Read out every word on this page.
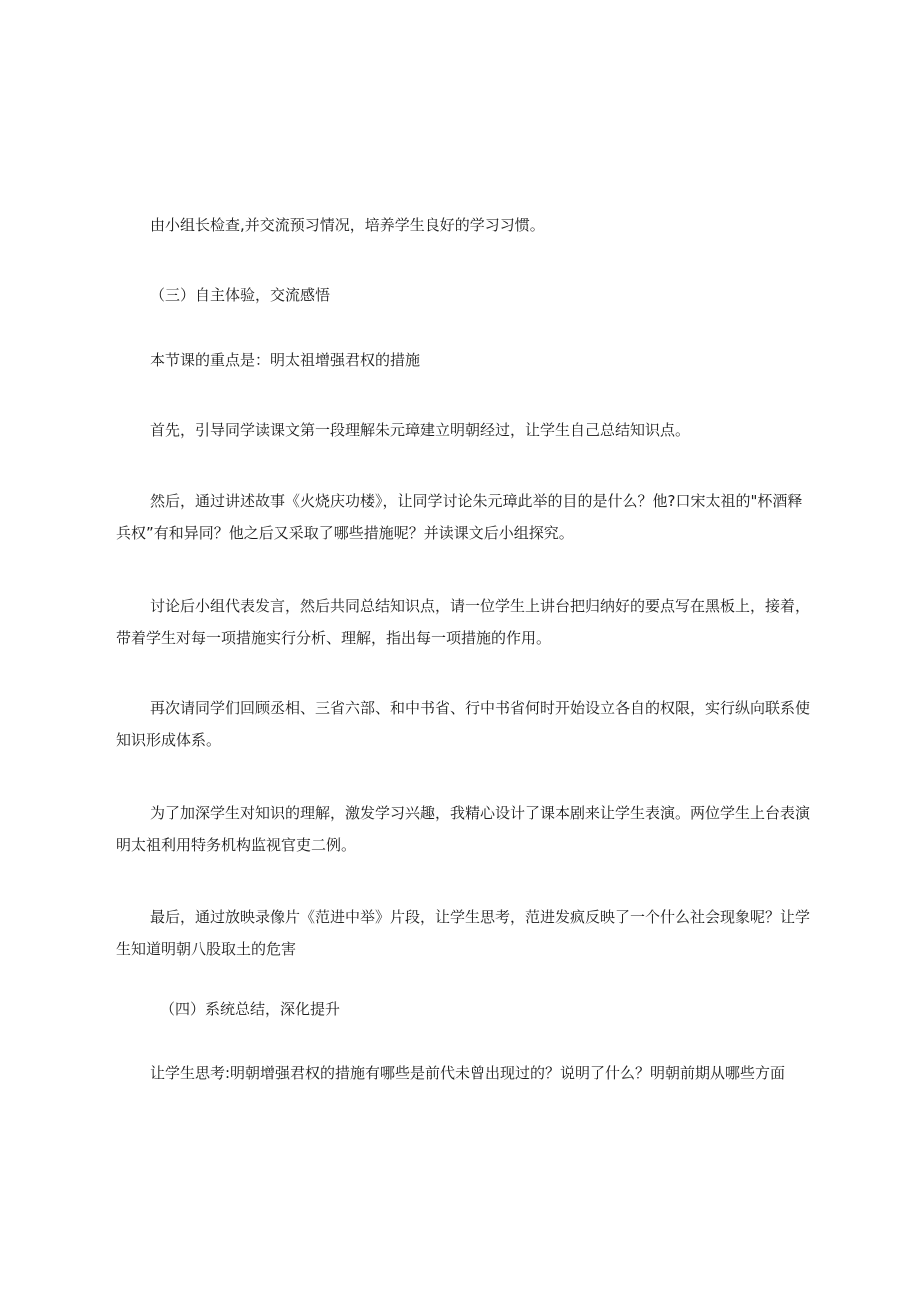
由小组长检查,并交流预习情况，培养学生良好的学习习惯。

（三）自主体验，交流感悟

本节课的重点是：明太祖增强君权的措施

首先，引导同学读课文第一段理解朱元璋建立明朝经过，让学生自己总结知识点。

然后，通过讲述故事《火烧庆功楼》，让同学讨论朱元璋此举的目的是什么？他?口宋太祖的"杯酒释兵权”有和异同？他之后又采取了哪些措施呢？并读课文后小组探究。

讨论后小组代表发言，然后共同总结知识点，请一位学生上讲台把归纳好的要点写在黑板上，接着，带着学生对每一项措施实行分析、理解，指出每一项措施的作用。

再次请同学们回顾丞相、三省六部、和中书省、行中书省何时开始设立各自的权限，实行纵向联系使知识形成体系。

为了加深学生对知识的理解，激发学习兴趣，我精心设计了课本剧来让学生表演。两位学生上台表演明太祖利用特务机构监视官吏二例。

最后，通过放映录像片《范进中举》片段，让学生思考，范进发疯反映了一个什么社会现象呢？让学生知道明朝八股取土的危害

（四）系统总结，深化提升

让学生思考:明朝增强君权的措施有哪些是前代未曾出现过的？说明了什么？明朝前期从哪些方面
